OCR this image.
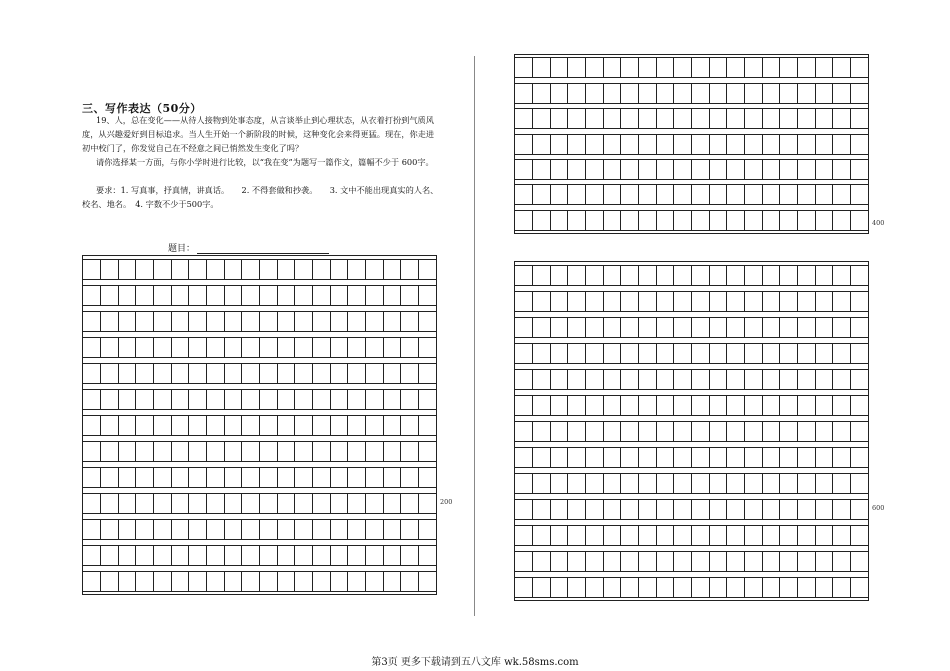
三、写作表达（50分）
19、人，总在变化——从待人接物到处事态度，从言谈举止到心理状态，从衣着打扮到气质风度，从兴趣爱好到目标追求。当人生开始一个新阶段的时候，这种变化会来得更猛。现在，你走进初中校门了，你发觉自己在不经意之间已悄然发生变化了吗？
请你选择某一方面，与你小学时进行比较，以“我在变”为题写一篇作文，篇幅不少于 600字。
要求：1. 写真事，抒真情，讲真话。　　2. 不得套做和抄袭。　　3. 文中不能出现真实的人名、校名、地名。　4. 字数不少于500字。
题目：
200
400
600
第3页 更多下载请到五八文库 wk.58sms.com
